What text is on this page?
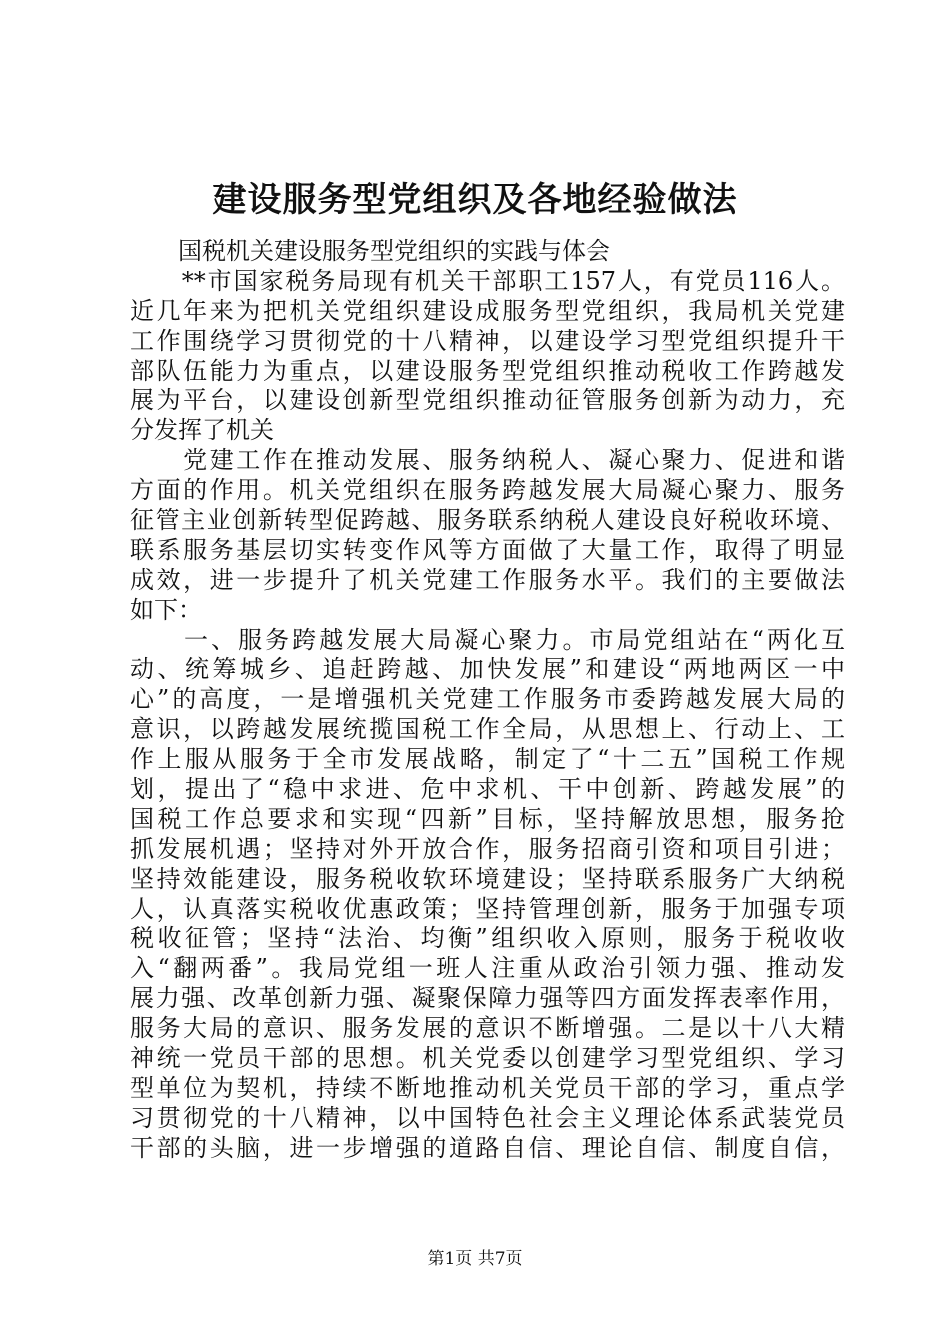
建设服务型党组织及各地经验做法
　　国税机关建设服务型党组织的实践与体会
　　**市国家税务局现有机关干部职工157人，有党员116人。
近几年来为把机关党组织建设成服务型党组织，我局机关党建
工作围绕学习贯彻党的十八精神，以建设学习型党组织提升干
部队伍能力为重点，以建设服务型党组织推动税收工作跨越发
展为平台，以建设创新型党组织推动征管服务创新为动力，充
分发挥了机关
　　党建工作在推动发展、服务纳税人、凝心聚力、促进和谐
方面的作用。机关党组织在服务跨越发展大局凝心聚力、服务
征管主业创新转型促跨越、服务联系纳税人建设良好税收环境、
联系服务基层切实转变作风等方面做了大量工作，取得了明显
成效，进一步提升了机关党建工作服务水平。我们的主要做法
如下：
　　一、服务跨越发展大局凝心聚力。市局党组站在“两化互
动、统筹城乡、追赶跨越、加快发展”和建设“两地两区一中
心”的高度，一是增强机关党建工作服务市委跨越发展大局的
意识，以跨越发展统揽国税工作全局，从思想上、行动上、工
作上服从服务于全市发展战略，制定了“十二五”国税工作规
划，提出了“稳中求进、危中求机、干中创新、跨越发展”的
国税工作总要求和实现“四新”目标，坚持解放思想，服务抢
抓发展机遇；坚持对外开放合作，服务招商引资和项目引进；
坚持效能建设，服务税收软环境建设；坚持联系服务广大纳税
人，认真落实税收优惠政策；坚持管理创新，服务于加强专项
税收征管；坚持“法治、均衡”组织收入原则，服务于税收收
入“翻两番”。我局党组一班人注重从政治引领力强、推动发
展力强、改革创新力强、凝聚保障力强等四方面发挥表率作用，
服务大局的意识、服务发展的意识不断增强。二是以十八大精
神统一党员干部的思想。机关党委以创建学习型党组织、学习
型单位为契机，持续不断地推动机关党员干部的学习，重点学
习贯彻党的十八精神，以中国特色社会主义理论体系武装党员
干部的头脑，进一步增强的道路自信、理论自信、制度自信，
第1页 共7页
